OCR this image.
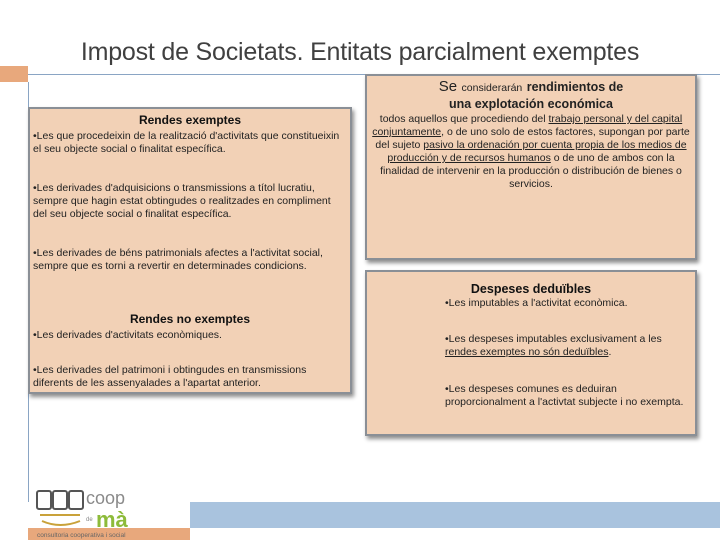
Impost de Societats. Entitats parcialment exemptes
Rendes exemptes

•Les que procedeixin de la realització d'activitats que constitueixin el seu objecte social o finalitat específica.

•Les derivades d'adquisicions o transmissions a títol lucratiu, sempre que hagin estat obtingudes o realitzades en compliment del seu objecte social o finalitat específica.

•Les derivades de béns patrimonials afectes a l'activitat social, sempre que es torni a revertir en determinades condicions.

Rendes no exemptes

•Les derivades d'activitats econòmiques.

•Les derivades del patrimoni i obtingudes en transmissions diferents de les assenyalades a l'apartat anterior.

Se considerarán rendimientos de
una explotación económica
todos aquellos que procediendo del trabajo personal y del capital conjuntamente, o de uno solo de estos factores, supongan por parte del sujeto pasivo la ordenación por cuenta propia de los medios de producción y de recursos humanos o de uno de ambos con la finalidad de intervenir en la producción o distribución de bienes o servicios.
Despeses deduïbles

•Les imputables a l'activitat econòmica.

•Les despeses imputables exclusivament a les rendes exemptes no són deduïbles.

•Les despeses comunes es deduiran proporcionalment a l'activtat subjecte i no exempta.

coop
de mà
consultoria cooperativa i social
